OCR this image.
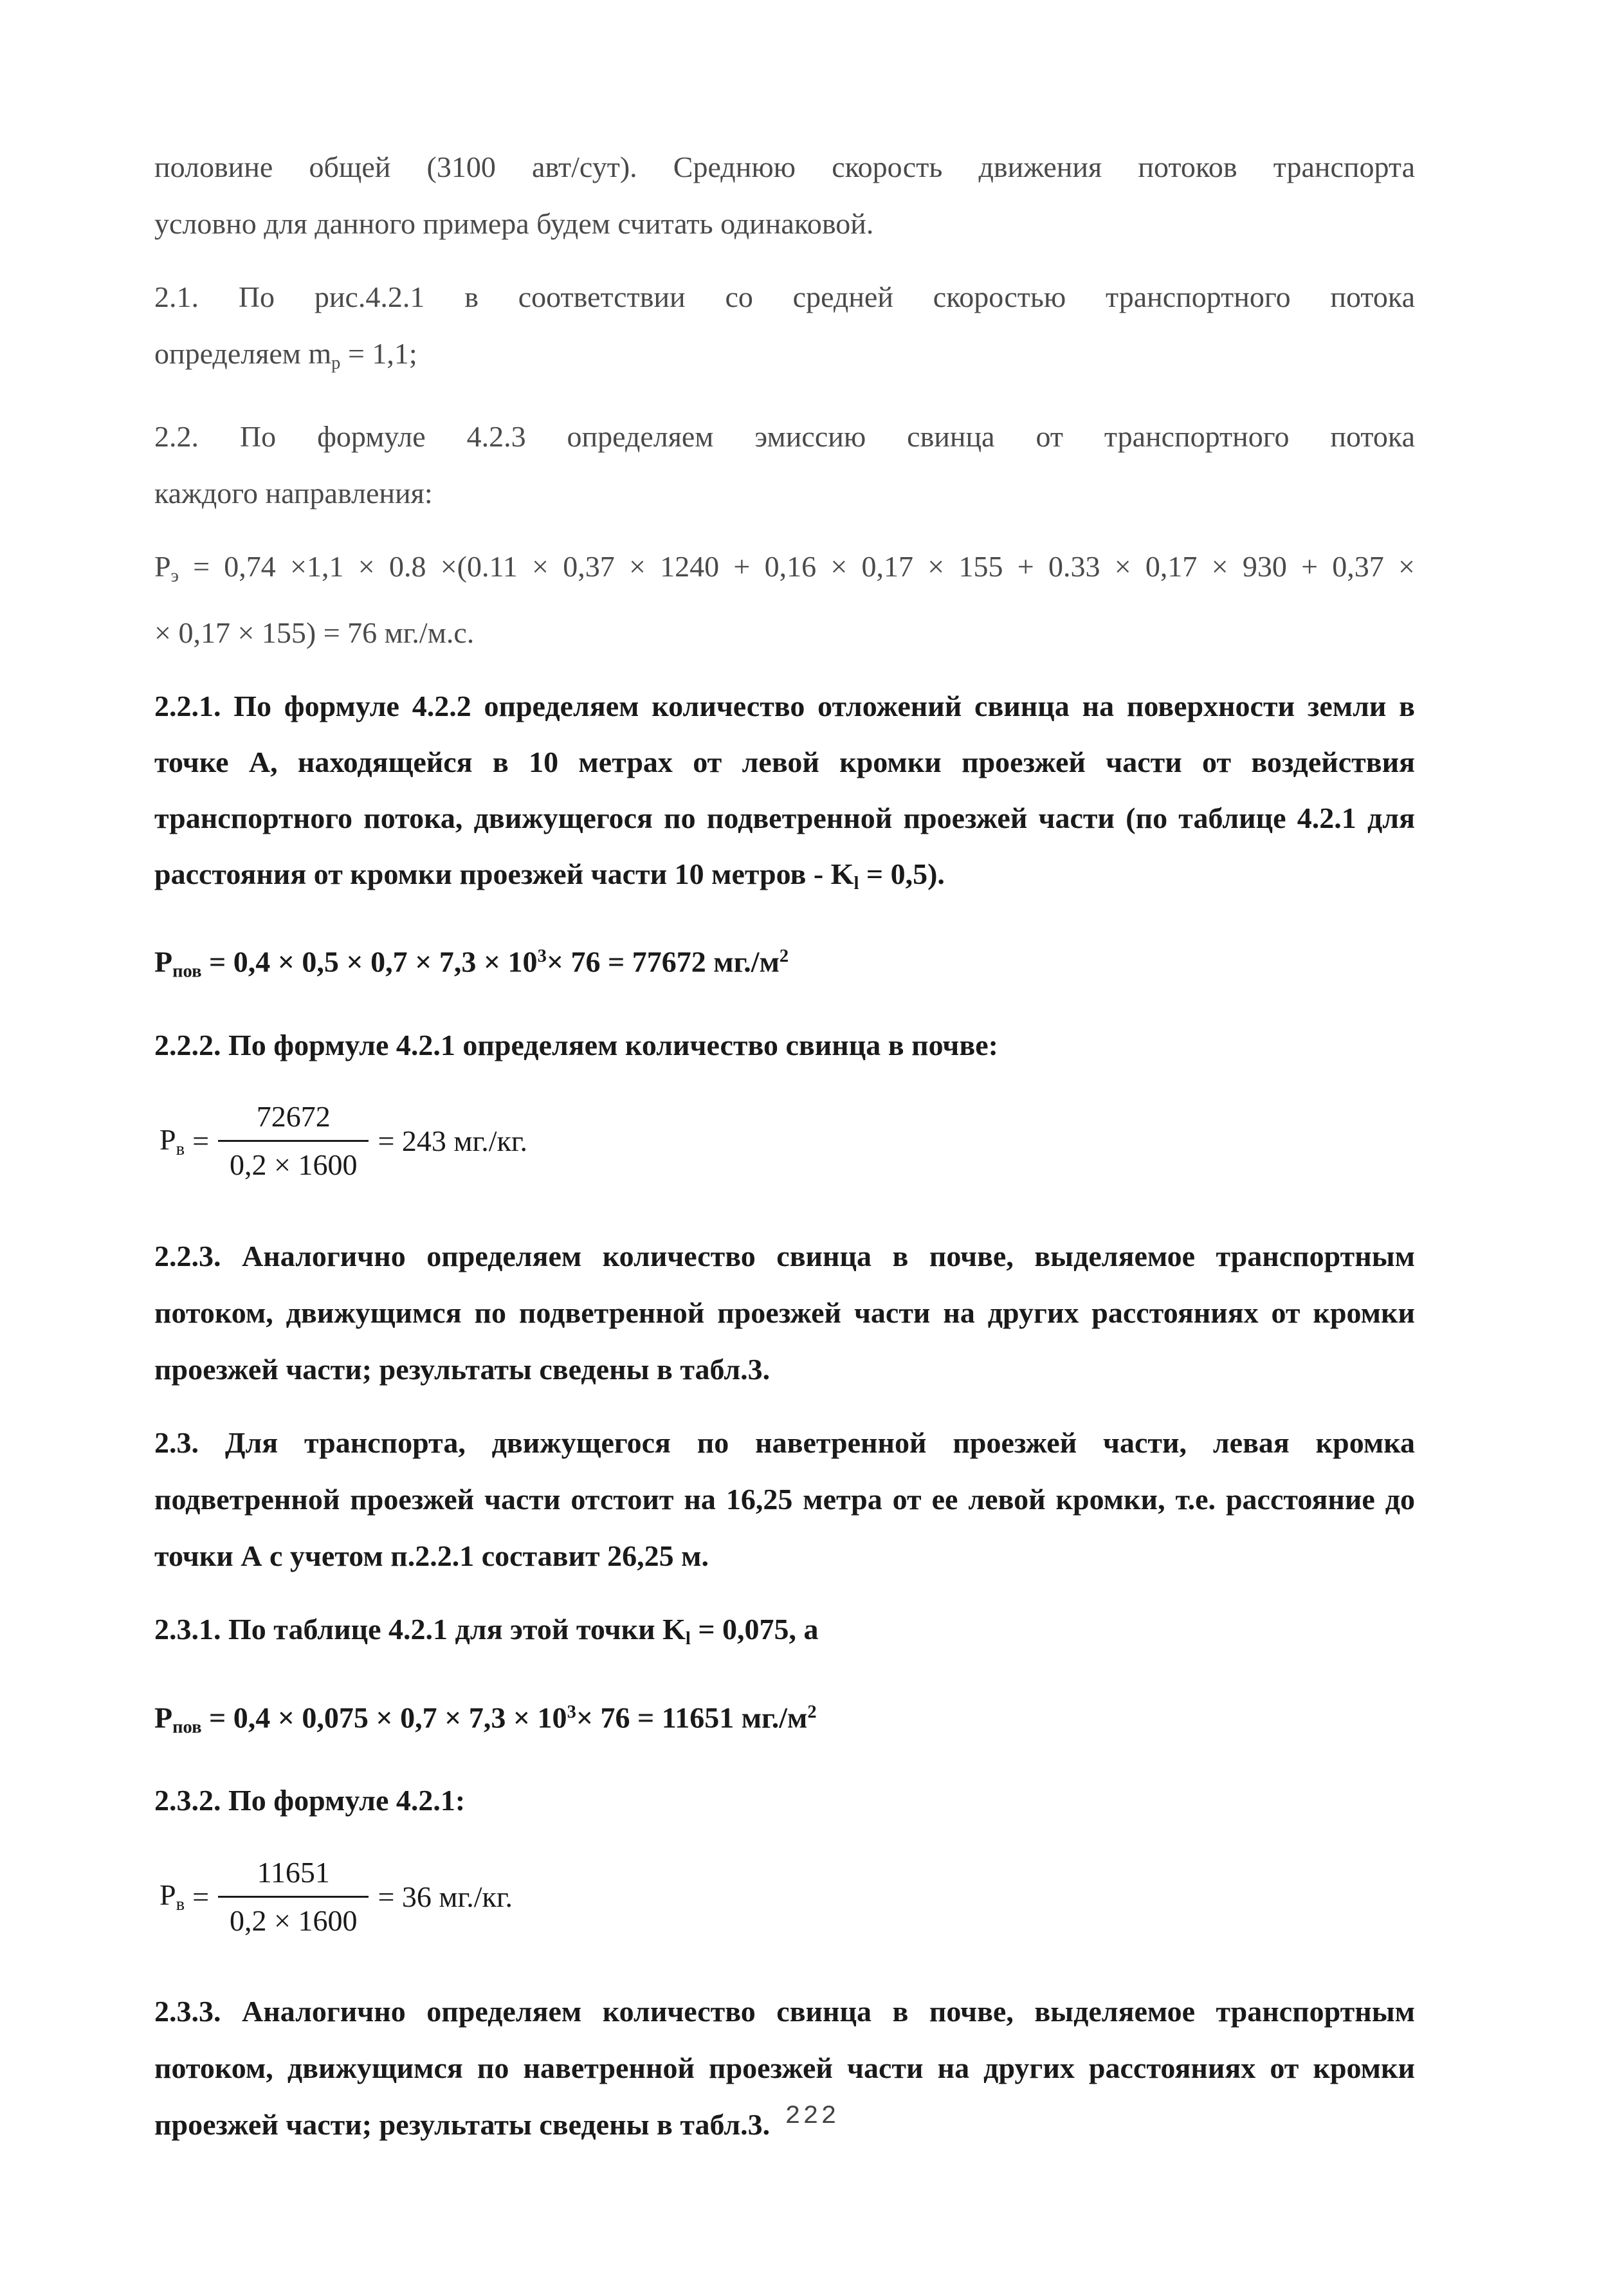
половине общей (3100 авт/сут). Среднюю скорость движения потоков транспорта
условно для данного примера будем считать одинаковой.
2.1. По рис.4.2.1 в соответствии со средней скоростью транспортного потока
определяем $m_р = 1,1$;
2.2. По формуле 4.2.3 определяем эмиссию свинца от транспортного потока
каждого направления:
$P_э = 0,74 \times 1,1 \times 0.8 \times(0.11 \times 0,37 \times 1240 + 0,16 \times 0,17 \times 155 + 0.33 \times 0,17 \times 930 + 0,37$ ×
× 0,17 × 155) = 76 мг./м.с.
2.2.1. По формуле 4.2.2 определяем количество отложений свинца на поверхности земли в точке А, находящейся в 10 метрах от левой кромки проезжей части от воздействия транспортного потока, движущегося по подветренной проезжей части (по таблице 4.2.1 для расстояния от кромки проезжей части 10 метров - $K_l = 0,5$).
$P_{пов} = 0,4 \times 0,5 \times 0,7 \times 7,3 \times 10^3\times 76 = 77672$ $мг./м^2$
2.2.2. По формуле 4.2.1 определяем количество свинца в почве:
$P_в = \frac{72672}{0,2 \times 1600} = 243$ мг./кг.
2.2.3. Аналогично определяем количество свинца в почве, выделяемое транспортным потоком, движущимся по подветренной проезжей части на других расстояниях от кромки проезжей части; результаты сведены в табл.3.
2.3. Для транспорта, движущегося по наветренной проезжей части, левая кромка подветренной проезжей части отстоит на 16,25 метра от ее левой кромки, т.е. расстояние до точки А с учетом п.2.2.1 составит 26,25 м.
2.3.1. По таблице 4.2.1 для этой точки $K_l = 0,075$, а
$P_{пов} = 0,4 \times 0,075 \times 0,7 \times 7,3 \times 10^3\times 76 = 11651$ $мг./м^2$
2.3.2. По формуле 4.2.1:
$P_в = \frac{11651}{0,2 \times 1600} = 36$ мг./кг.
2.3.3. Аналогично определяем количество свинца в почве, выделяемое транспортным потоком, движущимся по наветренной проезжей части на других расстояниях от кромки проезжей части; результаты сведены в табл.3. 222
